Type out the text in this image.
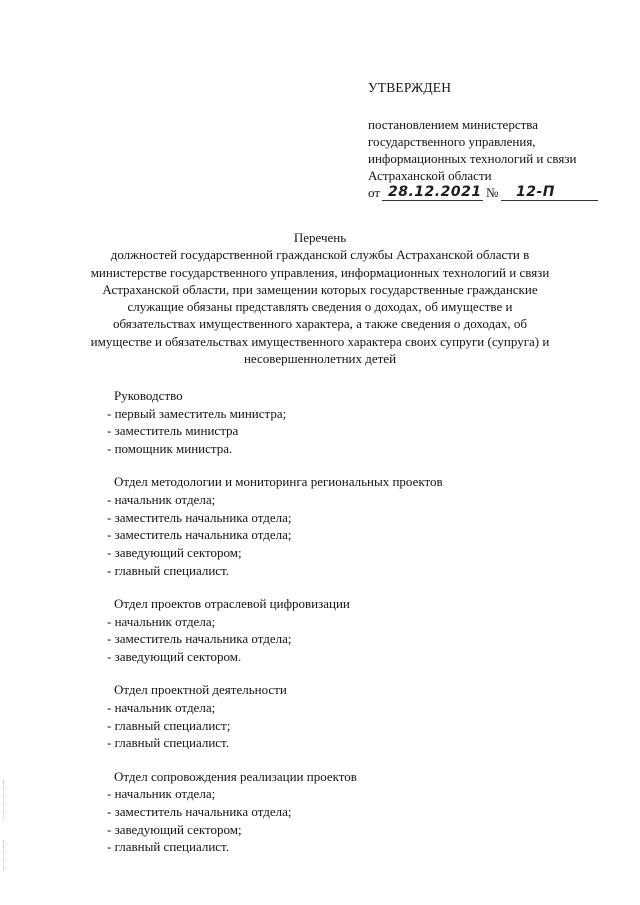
УТВЕРЖДЕН
постановлением министерства
государственного управления,
информационных технологий и связи
Астраханской области
от 28.12.2021 № 12-П
Перечень
должностей государственной гражданской службы Астраханской области в
министерстве государственного управления, информационных технологий и связи
Астраханской области, при замещении которых государственные гражданские
служащие обязаны представлять сведения о доходах, об имуществе и
обязательствах имущественного характера, а также сведения о доходах, об
имуществе и обязательствах имущественного характера своих супруги (супруга) и
несовершеннолетних детей
Руководство
- первый заместитель министра;
- заместитель министра
- помощник министра.
Отдел методологии и мониторинга региональных проектов
- начальник отдела;
- заместитель начальника отдела;
- заместитель начальника отдела;
- заведующий сектором;
- главный специалист.
Отдел проектов отраслевой цифровизации
- начальник отдела;
- заместитель начальника отдела;
- заведующий сектором.
Отдел проектной деятельности
- начальник отдела;
- главный специалист;
- главный специалист.
Отдел сопровождения реализации проектов
- начальник отдела;
- заместитель начальника отдела;
- заведующий сектором;
- главный специалист.
